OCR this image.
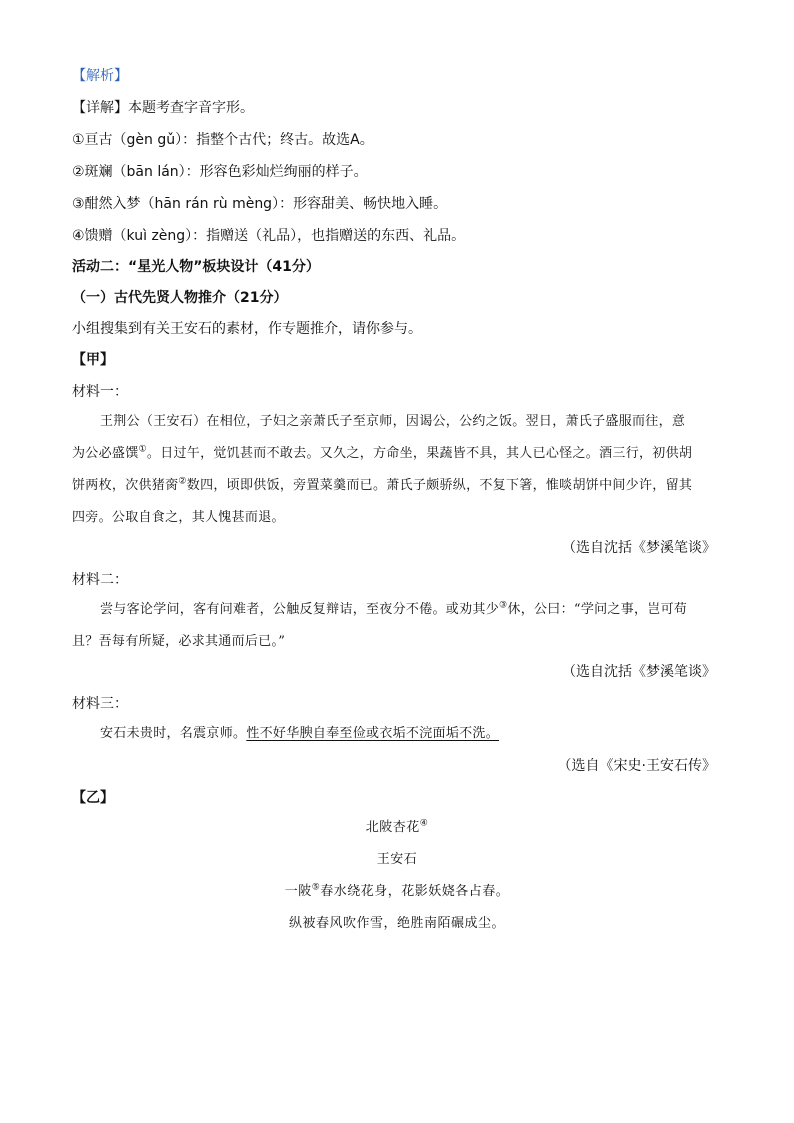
【解析】
【详解】本题考查字音字形。
①亘古（gèn gǔ）：指整个古代；终古。故选A。
②斑斓（bān lán）：形容色彩灿烂绚丽的样子。
③酣然入梦（hān rán rù mèng）：形容甜美、畅快地入睡。
④馈赠（kuì zèng）：指赠送（礼品），也指赠送的东西、礼品。
活动二：“星光人物”板块设计（41分）
（一）古代先贤人物推介（21分）
小组搜集到有关王安石的素材，作专题推介，请你参与。
【甲】
材料一：
王荆公（王安石）在相位，子妇之亲萧氏子至京师，因谒公，公约之饭。翌日，萧氏子盛服而往，意
为公必盛馔①。日过午，觉饥甚而不敢去。又久之，方命坐，果蔬皆不具，其人已心怪之。酒三行，初供胡
饼两枚，次供猪脔②数四，顷即供饭，旁置菜羹而已。萧氏子颇骄纵，不复下箸，惟啖胡饼中间少许，留其
四旁。公取自食之，其人愧甚而退。
（选自沈括《梦溪笔谈》
材料二：
尝与客论学问，客有问难者，公触反复辩诘，至夜分不倦。或劝其少③休，公曰：“学问之事，岂可苟
且？吾每有所疑，必求其通而后已。”
（选自沈括《梦溪笔谈》
材料三：
安石未贵时，名震京师。性不好华腴自奉至俭或衣垢不浣面垢不洗。
（选自《宋史·王安石传》
【乙】
北陂杏花④
王安石
一陂⑤春水绕花身，花影妖娆各占春。
纵被春风吹作雪，绝胜南陌碾成尘。
